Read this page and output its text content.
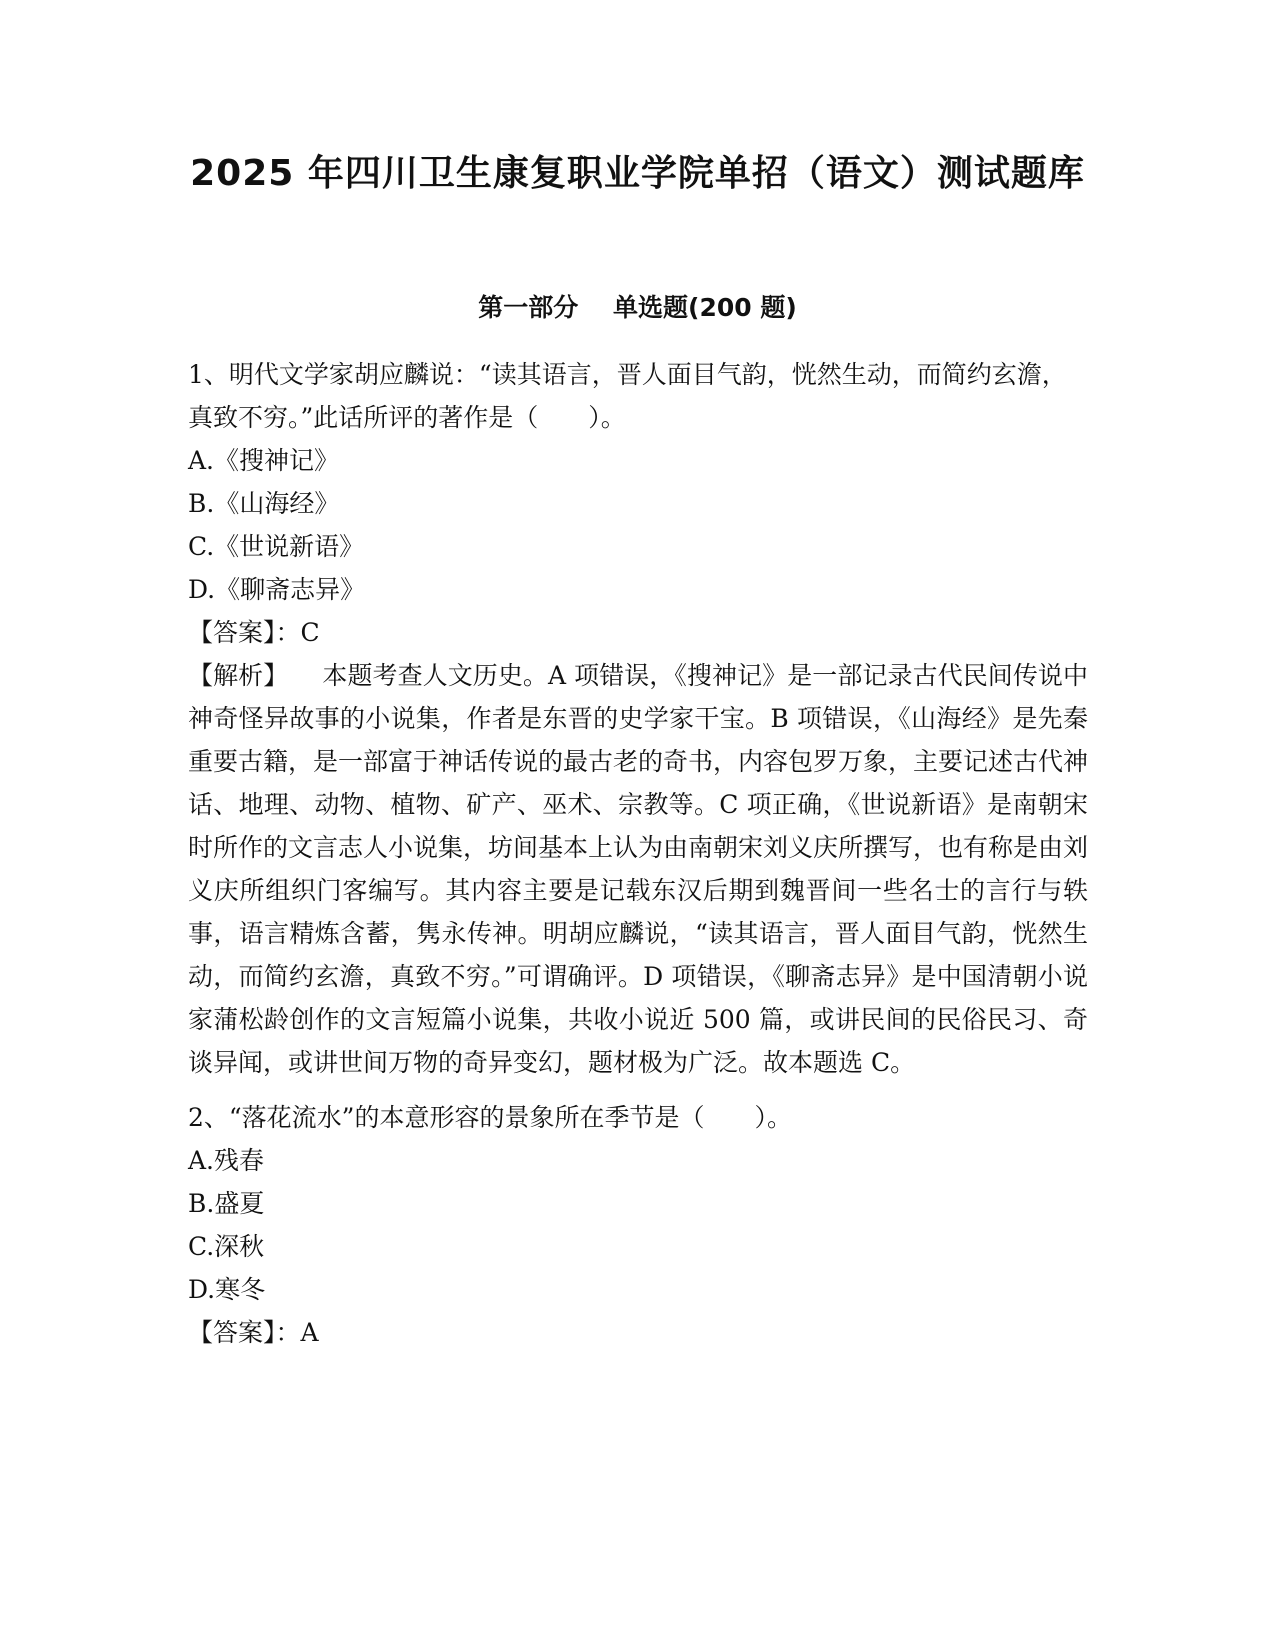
2025 年四川卫生康复职业学院单招（语文）测试题库
第一部分    单选题(200 题)

1、明代文学家胡应麟说：“读其语言，晋人面目气韵，恍然生动，而简约玄澹，真致不穷。”此话所评的著作是（　　）。

A.《搜神记》

B.《山海经》

C.《世说新语》

D.《聊斋志异》

【答案】：C

【解析】 本题考查人文历史。A 项错误，《搜神记》是一部记录古代民间传说中神奇怪异故事的小说集，作者是东晋的史学家干宝。B 项错误，《山海经》是先秦重要古籍，是一部富于神话传说的最古老的奇书，内容包罗万象，主要记述古代神话、地理、动物、植物、矿产、巫术、宗教等。C 项正确，《世说新语》是南朝宋时所作的文言志人小说集，坊间基本上认为由南朝宋刘义庆所撰写，也有称是由刘义庆所组织门客编写。其内容主要是记载东汉后期到魏晋间一些名士的言行与轶事，语言精炼含蓄，隽永传神。明胡应麟说，“读其语言，晋人面目气韵，恍然生动，而简约玄澹，真致不穷。”可谓确评。D 项错误，《聊斋志异》是中国清朝小说家蒲松龄创作的文言短篇小说集，共收小说近 500 篇，或讲民间的民俗民习、奇谈异闻，或讲世间万物的奇异变幻，题材极为广泛。故本题选 C。

2、“落花流水”的本意形容的景象所在季节是（　　）。

A.残春

B.盛夏

C.深秋

D.寒冬

【答案】：A
